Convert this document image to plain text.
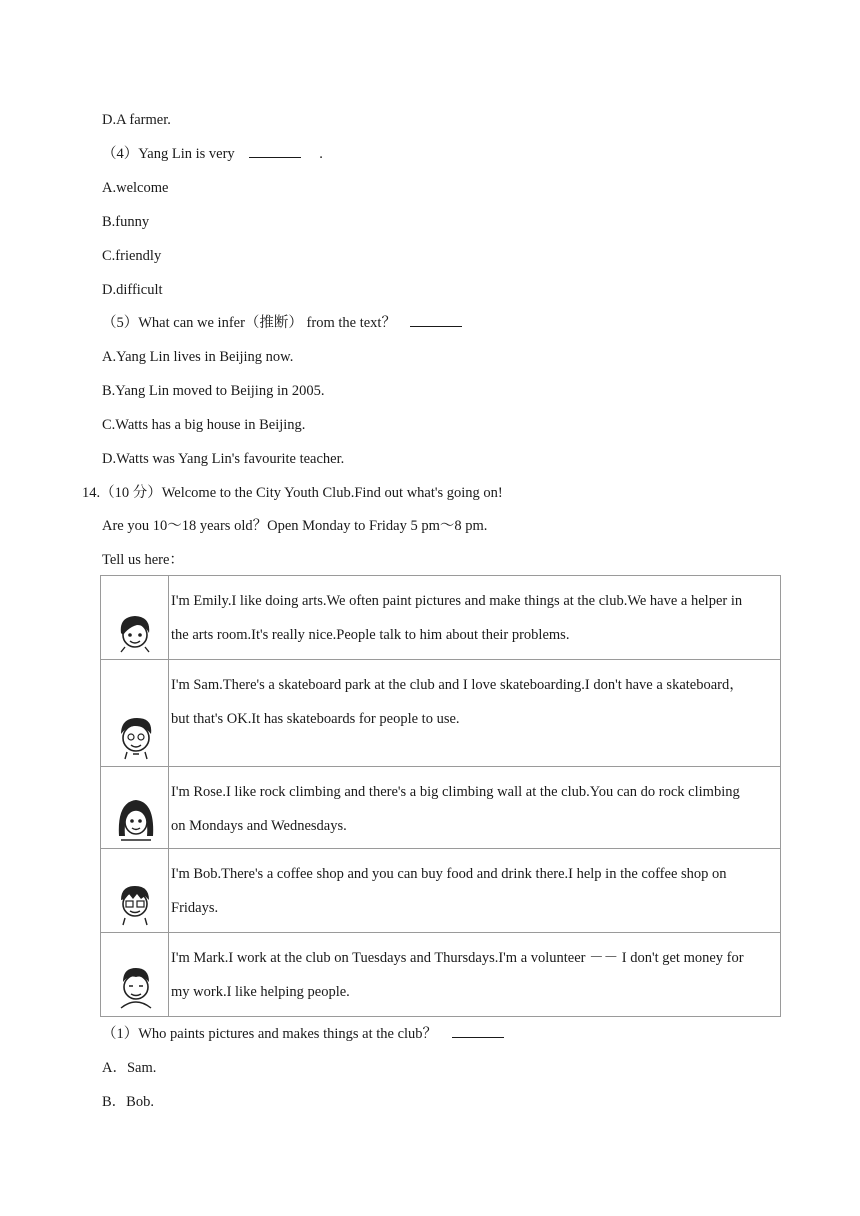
D.A farmer.
（4）Yang Lin is very	.
A.welcome
B.funny
C.friendly
D.difficult
（5）What can we infer（推断） from the text？
A.Yang Lin lives in Beijing now.
B.Yang Lin moved to Beijing in 2005.
C.Watts has a big house in Beijing.
D.Watts was Yang Lin's favourite teacher.
14.（10 分）Welcome to the City Youth Club.Find out what's going on!
Are you 10～18 years old？Open Monday to Friday 5 pm～8 pm.
Tell us here：

I'm Emily.I like doing arts.We often paint pictures and make things at the club.We have a helper in
the arts room.It's really nice.People talk to him about their problems.

I'm Sam.There's a skateboard park at the club and I love skateboarding.I don't have a skateboard，
but that's OK.It has skateboards for people to use.

I'm Rose.I like rock climbing and there's a big climbing wall at the club.You can do rock climbing
on Mondays and Wednesdays.

I'm Bob.There's a coffee shop and you can buy food and drink there.I help in the coffee shop on
Fridays.

I'm Mark.I work at the club on Tuesdays and Thursdays.I'm a volunteer －－ I don't get money for
my work.I like helping people.
（1）Who paints pictures and makes things at the club？
A．Sam.
B．Bob.
